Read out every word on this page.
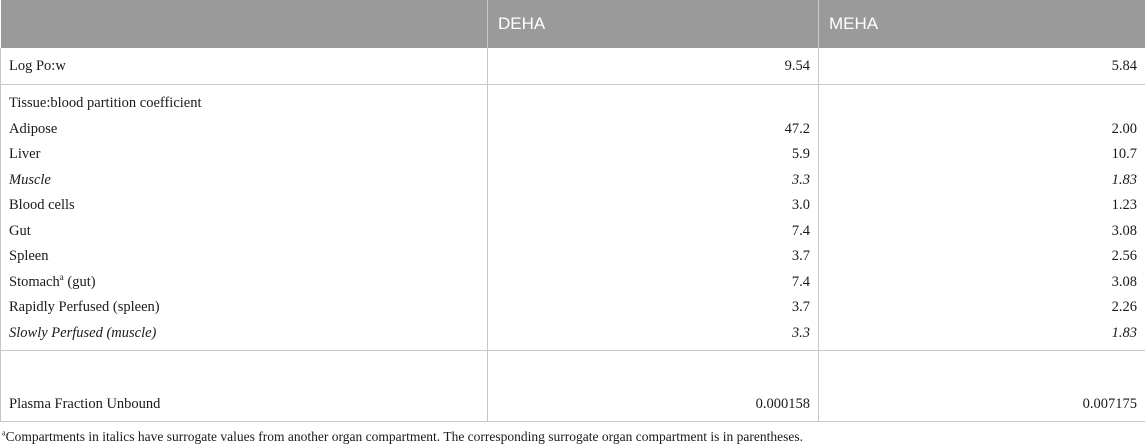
	DEHA	MEHA
Log Po:w	9.54	5.84
Tissue:blood partition coefficient		
Adipose	47.2	2.00
Liver	5.9	10.7
Muscle	3.3	1.83
Blood cells	3.0	1.23
Gut	7.4	3.08
Spleen	3.7	2.56
Stomach$^a$ (gut)	7.4	3.08
Rapidly Perfused (spleen)	3.7	2.26
Slowly Perfused (muscle)	3.3	1.83
Plasma Fraction Unbound	0.000158	0.007175
$^a$Compartments in italics have surrogate values from another organ compartment. The corresponding surrogate organ compartment is in parentheses.
